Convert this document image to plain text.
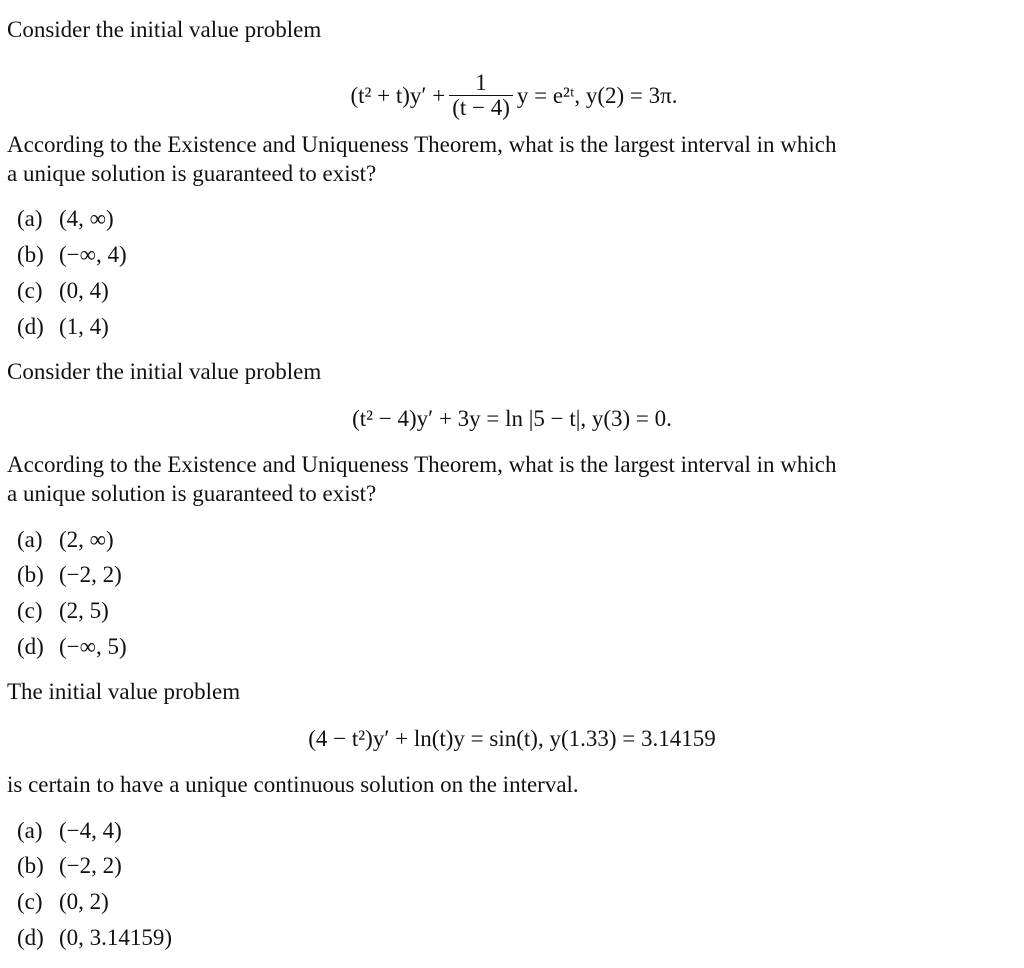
Consider the initial value problem
$(t^2 + t)y' + \frac{1}{(t - 4)}$ y = e²ᵗ, y(2) = 3π.
According to the Existence and Uniqueness Theorem, what is the largest interval in which
a unique solution is guaranteed to exist?
(a) (4, ∞)
(b) (−∞, 4)
(c) (0, 4)
(d) (1, 4)
Consider the initial value problem
(t² − 4)y′ + 3y = ln |5 − t|, y(3) = 0.
According to the Existence and Uniqueness Theorem, what is the largest interval in which
a unique solution is guaranteed to exist?
(a) (2, ∞)
(b) (−2, 2)
(c) (2, 5)
(d) (−∞, 5)
The initial value problem
(4 − t²)y′ + ln(t)y = sin(t), y(1.33) = 3.14159
is certain to have a unique continuous solution on the interval.
(a) (−4, 4)
(b) (−2, 2)
(c) (0, 2)
(d) (0, 3.14159)
